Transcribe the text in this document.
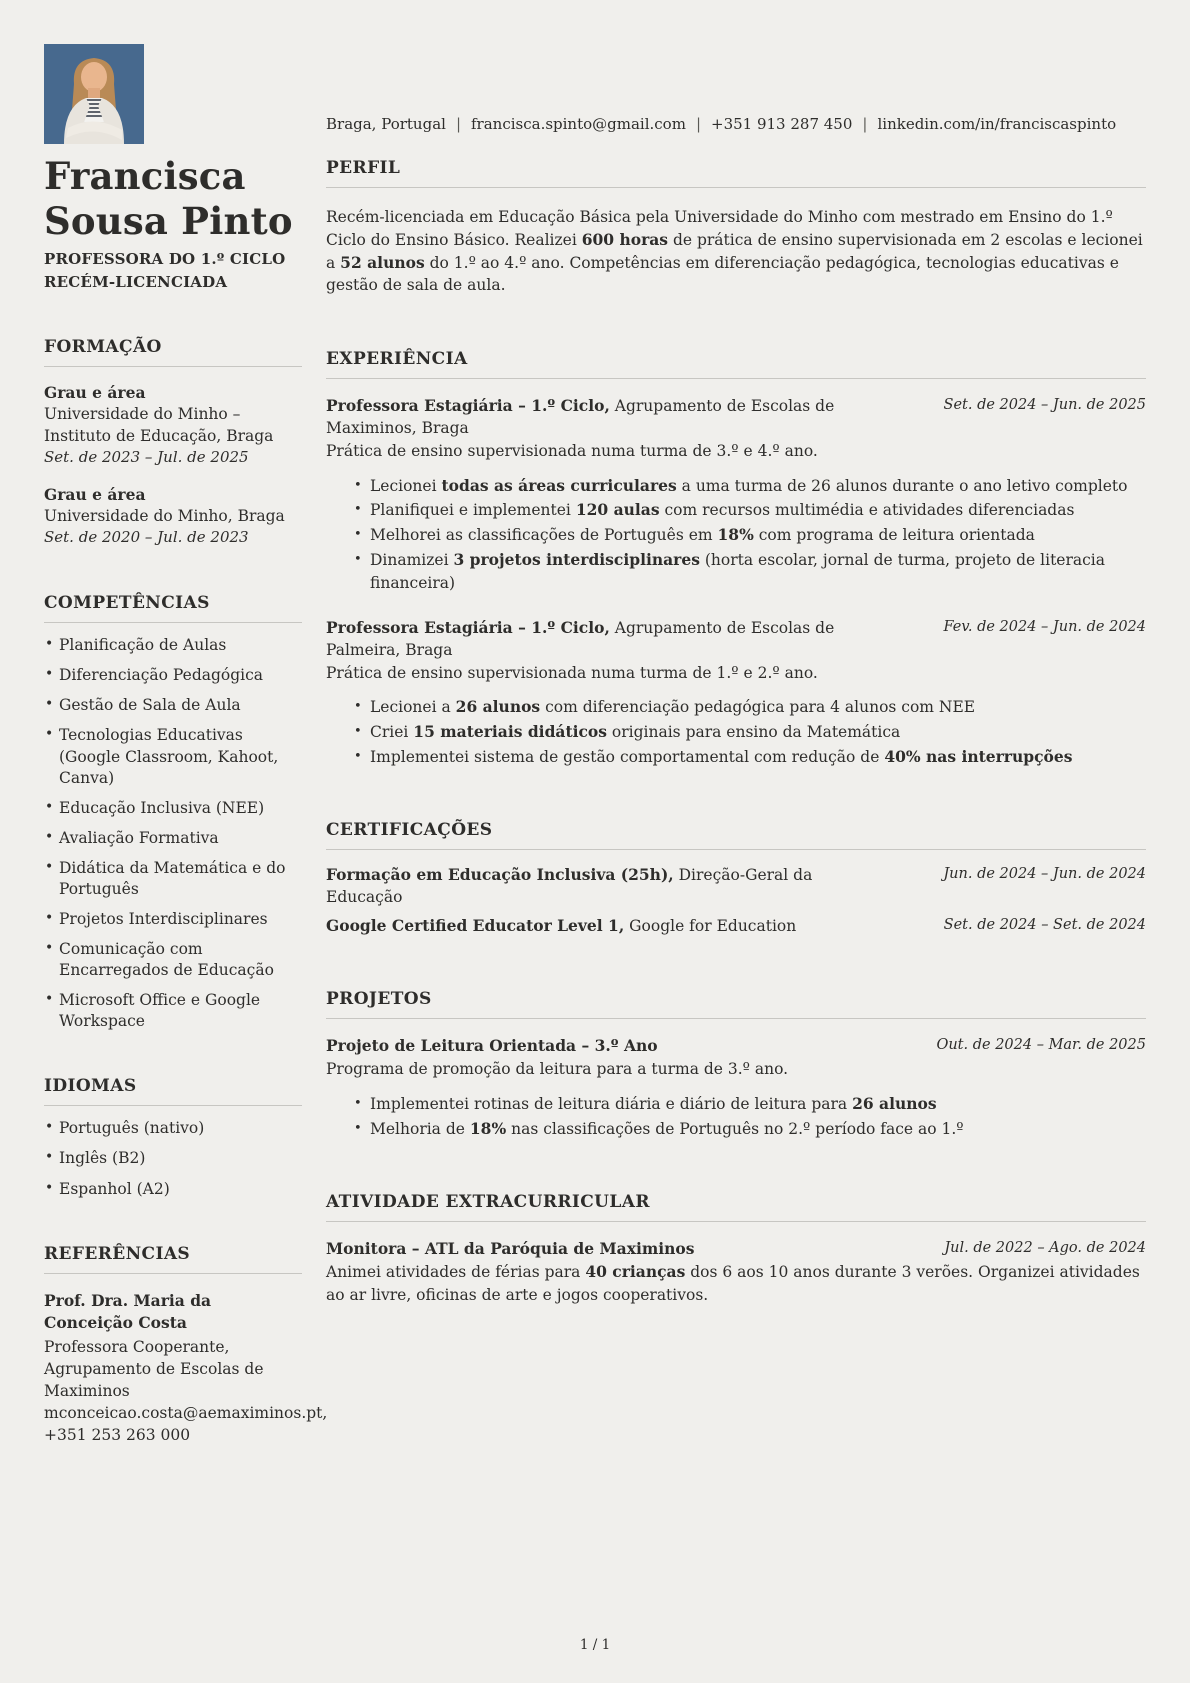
Francisca Sousa Pinto

PROFESSORA DO 1.º CICLO RECÉM-LICENCIADA

FORMAÇÃO
Grau e área
Universidade do Minho – Instituto de Educação, Braga
Set. de 2023 – Jul. de 2025
Grau e área
Universidade do Minho, Braga
Set. de 2020 – Jul. de 2023
COMPETÊNCIAS
• Planificação de Aulas
• Diferenciação Pedagógica
• Gestão de Sala de Aula
• Tecnologias Educativas (Google Classroom, Kahoot, Canva)
• Educação Inclusiva (NEE)
• Avaliação Formativa
• Didática da Matemática e do Português
• Projetos Interdisciplinares
• Comunicação com Encarregados de Educação
• Microsoft Office e Google Workspace
IDIOMAS
• Português (nativo)
• Inglês (B2)
• Espanhol (A2)
REFERÊNCIAS
Prof. Dra. Maria da Conceição Costa
Professora Cooperante, Agrupamento de Escolas de Maximinos
mconceicao.costa@aemaximinos.pt, +351 253 263 000
Braga, Portugal | francisca.spinto@gmail.com | +351 913 287 450 | linkedin.com/in/franciscaspinto
PERFIL

Recém-licenciada em Educação Básica pela Universidade do Minho com mestrado em Ensino do 1.º Ciclo do Ensino Básico. Realizei 600 horas de prática de ensino supervisionada em 2 escolas e lecionei a 52 alunos do 1.º ao 4.º ano. Competências em diferenciação pedagógica, tecnologias educativas e gestão de sala de aula.

EXPERIÊNCIA
Professora Estagiária – 1.º Ciclo, Agrupamento de Escolas de Maximinos, Braga
Set. de 2024 – Jun. de 2025
Prática de ensino supervisionada numa turma de 3.º e 4.º ano.
• Lecionei todas as áreas curriculares a uma turma de 26 alunos durante o ano letivo completo
• Planifiquei e implementei 120 aulas com recursos multimédia e atividades diferenciadas
• Melhorei as classificações de Português em 18% com programa de leitura orientada
• Dinamizei 3 projetos interdisciplinares (horta escolar, jornal de turma, projeto de literacia financeira)
Professora Estagiária – 1.º Ciclo, Agrupamento de Escolas de Palmeira, Braga
Fev. de 2024 – Jun. de 2024
Prática de ensino supervisionada numa turma de 1.º e 2.º ano.
• Lecionei a 26 alunos com diferenciação pedagógica para 4 alunos com NEE
• Criei 15 materiais didáticos originais para ensino da Matemática
• Implementei sistema de gestão comportamental com redução de 40% nas interrupções
CERTIFICAÇÕES
Formação em Educação Inclusiva (25h), Direção-Geral da Educação
Jun. de 2024 – Jun. de 2024
Google Certified Educator Level 1, Google for Education	Set. de 2024 – Set. de 2024
PROJETOS
Projeto de Leitura Orientada – 3.º Ano	Out. de 2024 – Mar. de 2025
Programa de promoção da leitura para a turma de 3.º ano.
• Implementei rotinas de leitura diária e diário de leitura para 26 alunos
• Melhoria de 18% nas classificações de Português no 2.º período face ao 1.º
ATIVIDADE EXTRACURRICULAR
Monitora – ATL da Paróquia de Maximinos	Jul. de 2022 – Ago. de 2024
Animei atividades de férias para 40 crianças dos 6 aos 10 anos durante 3 verões. Organizei atividades ao ar livre, oficinas de arte e jogos cooperativos.
1 / 1
